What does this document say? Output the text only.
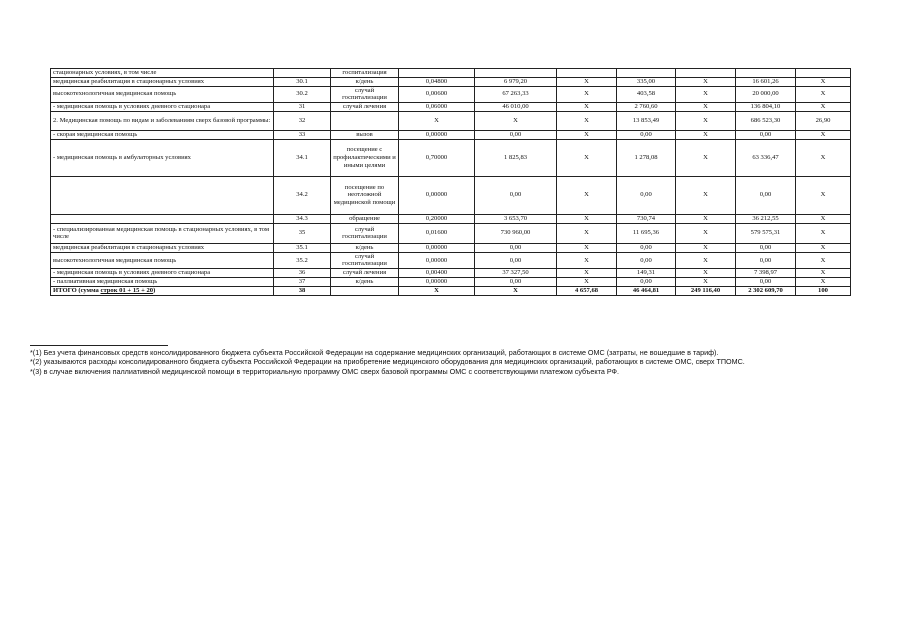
стационарных условиях, в том числе		госпитализация							
медицинская реабилитация в стационарных условиях	30.1	к/день	0,04800	6 979,20	X	335,00	X	16 601,26	X
высокотехнологичная медицинская помощь	30.2	случай госпитализации	0,00600	67 263,33	X	403,58	X	20 000,00	X
- медицинская помощь в условиях дневного стационара	31	случай лечения	0,06000	46 010,00	X	2 760,60	X	136 804,10	X
2. Медицинская помощь по видам и заболеваниям сверх базовой программы:	32		X	X	X	13 853,49	X	686 523,30	26,90
- скорая медицинская помощь	33	вызов	0,00000	0,00	X	0,00	X	0,00	X
- медицинская помощь в амбулаторных условиях	34.1	посещение с профилактическими и иными целями	0,70000	1 825,83	X	1 278,08	X	63 336,47	X
	34.2	посещение по неотложной медицинской помощи	0,00000	0,00	X	0,00	X	0,00	X
	34.3	обращение	0,20000	3 653,70	X	730,74	X	36 212,55	X
- специализированная медицинская помощь в стационарных условиях, в том числе	35	случай госпитализации	0,01600	730 960,00	X	11 695,36	X	579 575,31	X
медицинская реабилитация в стационарных условиях	35.1	к/день	0,00000	0,00	X	0,00	X	0,00	X
высокотехнологичная медицинская помощь	35.2	случай госпитализации	0,00000	0,00	X	0,00	X	0,00	X
- медицинская помощь в условиях дневного стационара	36	случай лечения	0,00400	37 327,50	X	149,31	X	7 398,97	X
- паллиативная медицинская помощь	37	к/день	0,00000	0,00	X	0,00	X	0,00	X
ИТОГО (сумма строк 01 + 15 + 20)	38		X	X	4 657,68	46 464,81	249 116,40	2 302 609,70	100

*(1) Без учета финансовых средств консолидированного бюджета субъекта Российской Федерации на содержание медицинских организаций, работающих в системе ОМС (затраты, не вошедшие в тариф).

*(2) указываются расходы консолидированного бюджета субъекта Российской Федерации на приобретение медицинского оборудования для медицинских организаций, работающих в системе ОМС, сверх ТПОМС.

*(3) в случае включения паллиативной медицинской помощи в территориальную программу ОМС сверх базовой программы ОМС с соответствующими платежом субъекта РФ.
